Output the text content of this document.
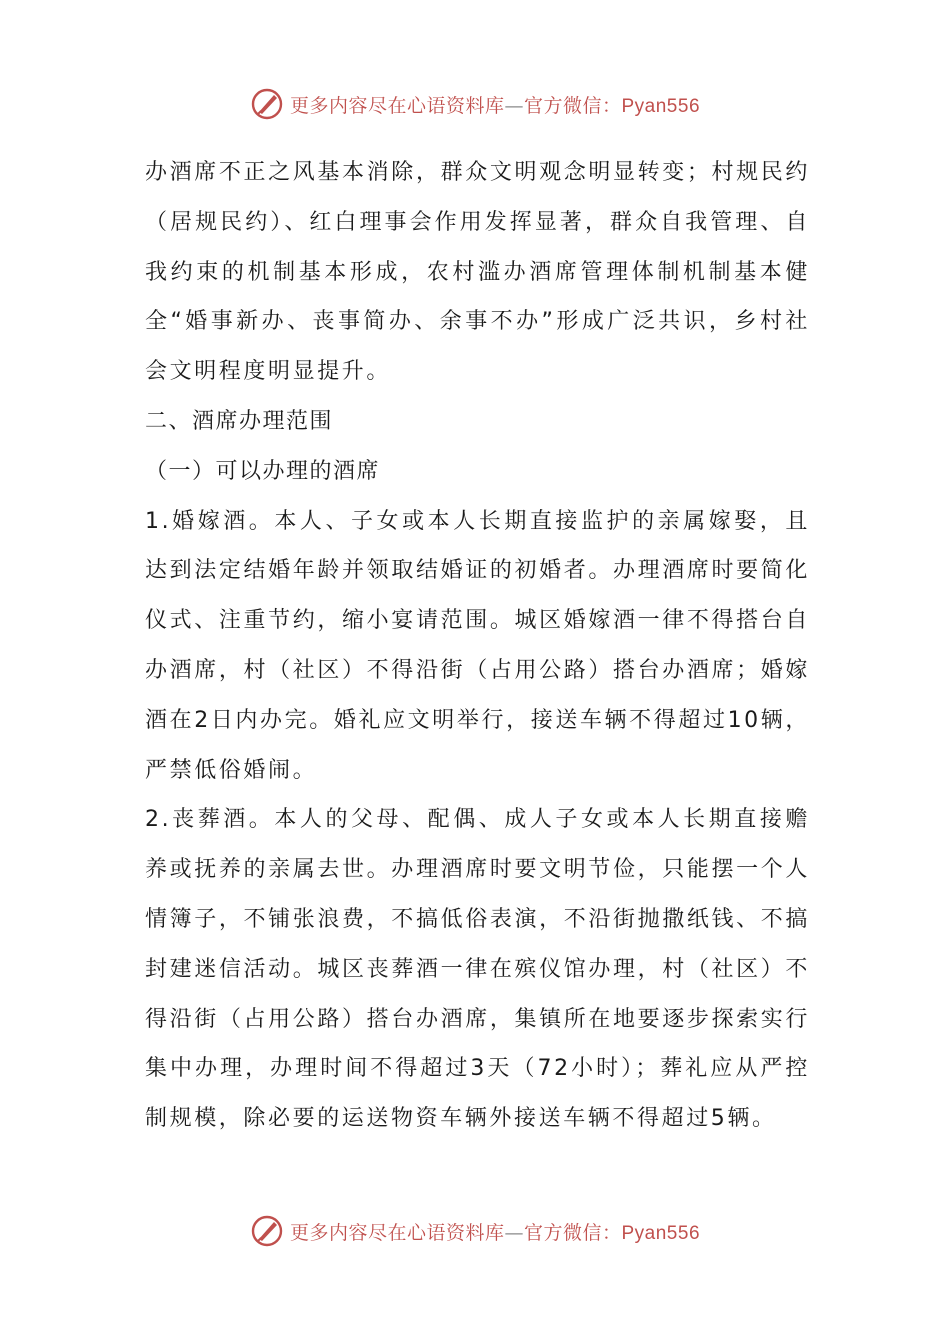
更多内容尽在心语资料库—官方微信：Pyan556

办酒席不正之风基本消除，群众文明观念明显转变；村规民约（居规民约）、红白理事会作用发挥显著，群众自我管理、自我约束的机制基本形成，农村滥办酒席管理体制机制基本健全“婚事新办、丧事简办、余事不办”形成广泛共识，乡村社会文明程度明显提升。

二、酒席办理范围

（一）可以办理的酒席

1.婚嫁酒。本人、子女或本人长期直接监护的亲属嫁娶，且达到法定结婚年龄并领取结婚证的初婚者。办理酒席时要简化仪式、注重节约，缩小宴请范围。城区婚嫁酒一律不得搭台自办酒席，村（社区）不得沿街（占用公路）搭台办酒席；婚嫁酒在2日内办完。婚礼应文明举行，接送车辆不得超过10辆，严禁低俗婚闹。

2.丧葬酒。本人的父母、配偶、成人子女或本人长期直接赡养或抚养的亲属去世。办理酒席时要文明节俭，只能摆一个人情簿子，不铺张浪费，不搞低俗表演，不沿街抛撒纸钱、不搞封建迷信活动。城区丧葬酒一律在殡仪馆办理，村（社区）不得沿街（占用公路）搭台办酒席，集镇所在地要逐步探索实行集中办理，办理时间不得超过3天（72小时）；葬礼应从严控制规模，除必要的运送物资车辆外接送车辆不得超过5辆。

更多内容尽在心语资料库—官方微信：Pyan556
